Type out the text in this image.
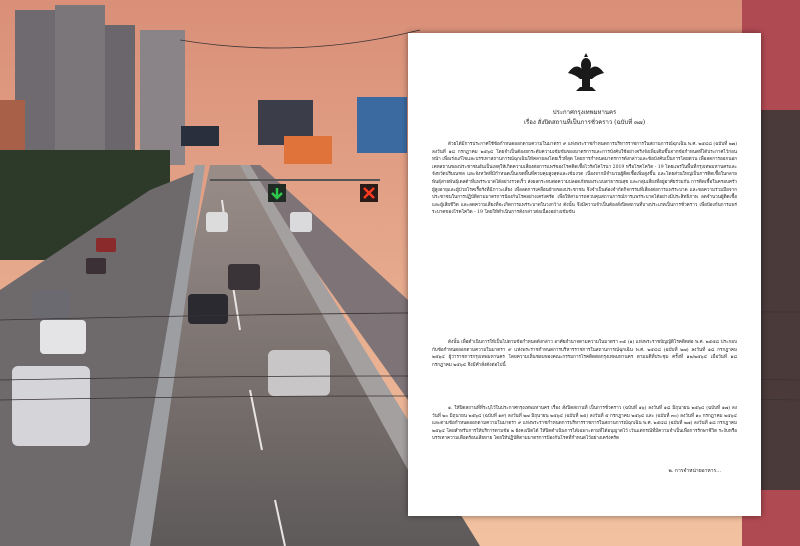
ประกาศกรุงเทพมหานคร
เรื่อง สั่งปิดสถานที่เป็นการชั่วคราว (ฉบับที่ ๓๗)
ด้วยได้มีการประกาศใช้ข้อกำหนดออกตามความในมาตรา ๙ แห่งพระราชกำหนดการบริหารราชการในสถานการณ์ฉุกเฉิน พ.ศ. ๒๕๔๘ (ฉบับที่ ๒๗) ลงวันที่ ๑๘ กรกฎาคม ๒๕๖๔ โดยจำเป็นต้องยกระดับความเข้มข้นของมาตรการและการบังคับใช้อย่างจริงจังเพิ่มเติมขึ้นจากข้อกำหนดที่ได้ประกาศไว้ก่อนหน้า เพื่อเร่งแก้ไขและบรรเทาสถานการณ์ฉุกเฉินให้คลายลงโดยเร็วที่สุด โดยการกำหนดมาตรการดังกล่าวและข้อบังคับเป็นการโดยด่วน เพื่อลดการออกนอกเคหสถานของประชาชนอันเป็นเหตุให้เกิดความเสี่ยงต่อการแพร่ของโรคติดเชื้อไวรัสโคโรนา 2019 หรือโรคโควิด - 19 โดยแพร่ในพื้นที่กรุงเทพมหานครและจังหวัดปริมณฑล และจังหวัดที่มีกำหนดเป็นเขตพื้นที่ควบคุมสูงสุดและเข้มงวด เนื่องจากมีจำนวนผู้ติดเชื้อเพิ่มสูงขึ้น และโดยส่วนใหญ่เป็นการติดเชื้อในกลายพันธุ์สายพันธุ์เดลต้าที่แพร่ระบาดได้อย่างรวดเร็ว ส่งผลกระทบต่อความปลอดภัยของระบบสาธารณสุข และกลุ่มเสี่ยงที่อยู่อาศัยร่วมกัน การติดเชื้อในครอบครัว ผู้สูงอายุและผู้ป่วยโรคเรื้อรังที่มีภาวะเสี่ยง เพื่อลดการเคลื่อนย้ายของประชาชน จึงจำเป็นต้องจำกัดกิจกรรมที่เสี่ยงต่อการแพร่ระบาด และขอความร่วมมือจากประชาชนในการปฏิบัติตามมาตรการป้องกันโรคอย่างเคร่งครัด เพื่อให้สามารถควบคุมสถานการณ์การแพร่ระบาดได้อย่างมีประสิทธิภาพ ลดจำนวนผู้ติดเชื้อและผู้เสียชีวิต และลดความเสี่ยงที่จะเกิดการแพร่ระบาดในวงกว้าง ดังนั้น จึงมีความจำเป็นต้องสั่งปิดสถานที่บางประเภทเป็นการชั่วคราว เพื่อป้องกันการแพร่ระบาดของโรคโควิด - 19 โดยให้ดำเนินการดังกล่าวต่อเนื่องอย่างเข้มข้น
ดังนั้น เพื่อดำเนินการให้เป็นไปตามข้อกำหนดดังกล่าว อาศัยอำนาจตามความในมาตรา ๓๕ (๑) แห่งพระราชบัญญัติโรคติดต่อ พ.ศ. ๒๕๕๘ ประกอบกับข้อกำหนดออกตามความในมาตรา ๙ แห่งพระราชกำหนดการบริหารราชการในสถานการณ์ฉุกเฉิน พ.ศ. ๒๕๔๘ (ฉบับที่ ๒๗) ลงวันที่ ๑๘ กรกฎาคม ๒๕๖๔ ผู้ว่าราชการกรุงเทพมหานคร โดยความเห็นชอบของคณะกรรมการโรคติดต่อกรุงเทพมหานคร ตามมติที่ประชุม ครั้งที่ ๑๒/๒๕๖๔ เมื่อวันที่ ๑๘ กรกฎาคม ๒๕๖๔ จึงมีคำสั่งดังต่อไปนี้
๑. ให้ปิดสถานที่ที่ระบุไว้ในประกาศกรุงเทพมหานคร เรื่อง สั่งปิดสถานที่ เป็นการชั่วคราว (ฉบับที่ ๑๖) ลงวันที่ ๑๘ มิถุนายน ๒๕๖๔ (ฉบับที่ ๑๗) ลงวันที่ ๒๐ มิถุนายน ๒๕๖๔ (ฉบับที่ ๑๙) ลงวันที่ ๒๗ มิถุนายน ๒๕๖๔ (ฉบับที่ ๒๕) ลงวันที่ ๕ กรกฎาคม ๒๕๖๔ และ (ฉบับที่ ๓๐) ลงวันที่ ๑๐ กรกฎาคม ๒๕๖๔ และตามข้อกำหนดออกตามความในมาตรา ๙ แห่งพระราชกำหนดการบริหารราชการในสถานการณ์ฉุกเฉิน พ.ศ. ๒๕๔๘ (ฉบับที่ ๒๗) ลงวันที่ ๑๘ กรกฎาคม ๒๕๖๔ โดยสำหรับการให้บริการตามข้อ ๒ ยังคงเปิดได้ ให้ปิดดำเนินการได้เฉพาะตามที่ได้อนุญาตไว้ เว้นแต่กรณีที่มีความจำเป็นเพื่อการรักษาชีวิต ระงับหรือบรรเทาความเดือดร้อนเสียหาย โดยให้ปฏิบัติตามมาตรการป้องกันโรคที่กำหนดไว้อย่างเคร่งครัด
๒. การจำหน่ายอาหาร...
